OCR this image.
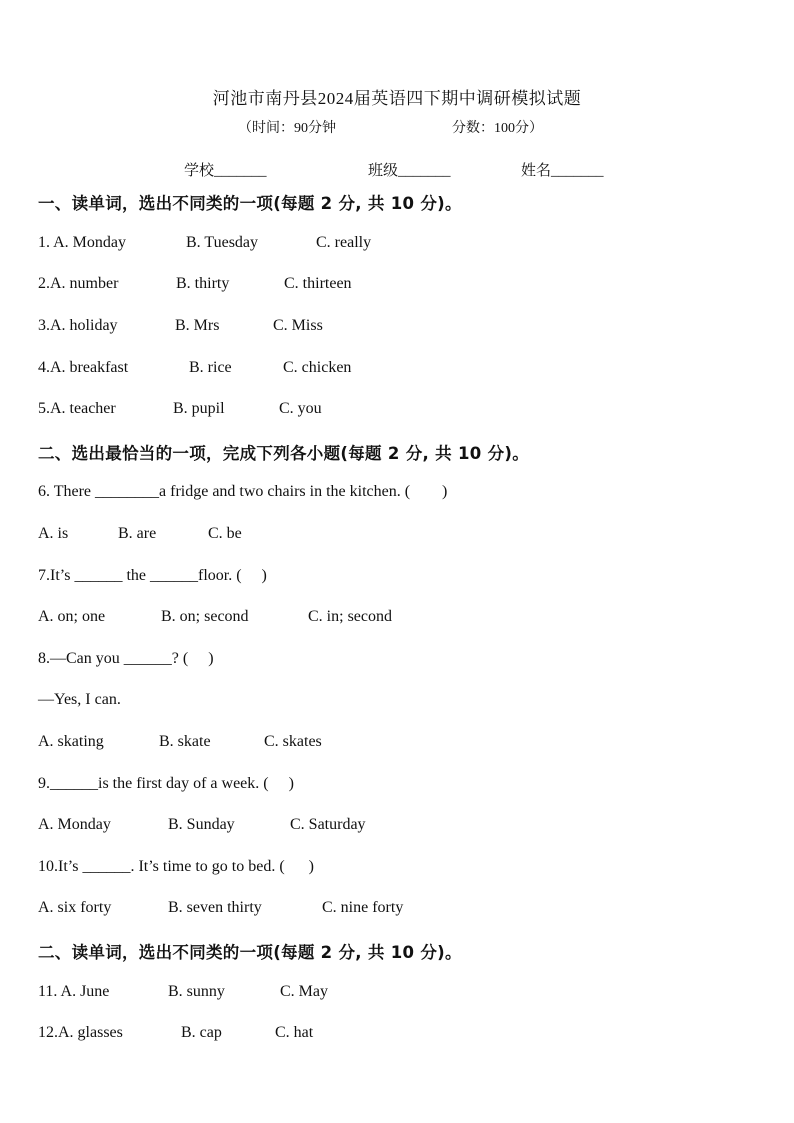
河池市南丹县2024届英语四下期中调研模拟试题
（时间：90分钟	分数：100分）
学校_______	班级_______	姓名_______
一、读单词，选出不同类的一项(每题 2 分, 共 10 分)。
1. A. Monday	B. Tuesday	C. really
2.A. number	B. thirty	C. thirteen
3.A. holiday	B. Mrs	C. Miss
4.A. breakfast	B. rice	C. chicken
5.A. teacher	B. pupil	C. you
二、选出最恰当的一项，完成下列各小题(每题 2 分, 共 10 分)。
6. There ________a fridge and two chairs in the kitchen. (        )
A. is	B. are	C. be
7.It’s ______ the ______floor. (     )
A. on; one	B. on; second	C. in; second
8.—Can you ______? (     )
—Yes, I can.
A. skating	B. skate	C. skates
9.______is the first day of a week. (     )
A. Monday	B. Sunday	C. Saturday
10.It’s ______. It’s time to go to bed. (      )
A. six forty	B. seven thirty	C. nine forty
二、读单词，选出不同类的一项(每题 2 分, 共 10 分)。
11. A. June	B. sunny	C. May
12.A. glasses	B. cap	C. hat
